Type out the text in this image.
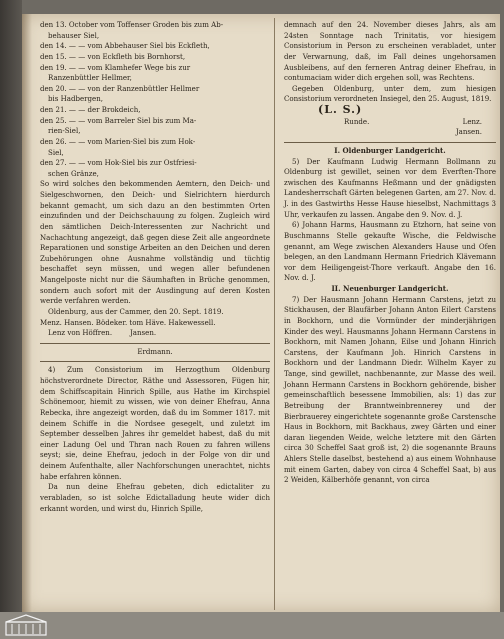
den 13. October vom Toffenser Groden bis zum Ab-

behauser Siel,

den 14. — — vom Abbehauser Siel bis Eckfleth,

den 15. — — von Eckfleth bis Bornhorst,

den 19. — — vom Klamhefer Wege bis zur

Ranzenbüttler Hellmer,

den 20. — — von der Ranzenbüttler Hellmer

bis Hadbergen,

den 21. — — der Brokdeich,

den 25. — — vom Barreler Siel bis zum Ma-

rien-Siel,

den 26. — — vom Marien-Siel bis zum Hok-

Siel,

den 27. — — vom Hok-Siel bis zur Ostfriesi-

schen Gränze,

So wird solches den bekommenden Aemtern, den Deich- und Sielgeschwornen, den Deich- und Sielrichtern hierdurch bekannt gemacht, um sich dazu an den bestimmten Orten einzufinden und der Deichschauung zu folgen. Zugleich wird den sämtlichen Deich-Interessenten zur Nachricht und Nachachtung angezeigt, daß gegen diese Zeit alle angeordnete Reparationen und sonstige Arbeiten an den Deichen und deren Zubehörungen ohne Ausnahme vollständig und tüchtig beschaffet seyn müssen, und wegen aller befundenen Mangelposte nicht nur die Säumhaften in Brüche genommen, sondern auch sofort mit der Ausdingung auf deren Kosten werde verfahren werden.

Oldenburg, aus der Cammer, den 20. Sept. 1819.

Menz. Hansen. Bödeker. tom Häve. Hakewessell.

Lenz von Höffren.        Jansen.

Erdmann.

4) Zum Consistorium im Herzogthum Oldenburg höchstverordnete Director, Räthe und Assessoren, Fügen hir, dem Schiffscapitain Hinrich Spille, aus Hathe im Kirchspiel Schönemoor, hiemit zu wissen, wie von deiner Ehefrau, Anna Rebecka, ihre angezeigt worden, daß du im Sommer 1817. mit deinem Schiffe in die Nordsee gesegelt, und zuletzt im September desselben Jahres ihr gemeldet habest, daß du mit einer Ladung Oel und Thran nach Rouen zu fahren willens seyst; sie, deine Ehefrau, jedoch in der Folge von dir und deinem Aufenthalte, aller Nachforschungen unerachtet, nichts habe erfahren können.

Da nun deine Ehefrau gebeten, dich edictaliter zu verabladen, so ist solche Edictalladung heute wider dich erkannt worden, und wirst du, Hinrich Spille,

demnach auf den 24. November dieses Jahrs, als am 24sten Sonntage nach Trinitatis, vor hiesigem Consistorium in Person zu erscheinen verabladet, unter der Verwarnung, daß, im Fall deines ungehorsamen Ausbleibens, auf den ferneren Antrag deiner Ehefrau, in contumaciam wider dich ergehen soll, was Rechtens.

Gegeben Oldenburg, unter dem, zum hiesigen Consistorium verordneten Insiegel, den 25. August, 1819.

(L. S.)

Runde.	Lenz.

Jansen.

I. Oldenburger Landgericht.

5) Der Kaufmann Ludwig Hermann Bollmann zu Oldenburg ist gewillet, seinen vor dem Everften-Thore zwischen des Kaufmanns Heßmann und der gnädigsten Landesherrschaft Gärten belegenen Garten, am 27. Nov. d. J. in des Gastwirths Hesse Hause hieselbst, Nachmittags 3 Uhr, verkaufen zu lassen. Angabe den 9. Nov. d. J.

6) Johann Harms, Hausmann zu Etzhorn, hat seine von Buschmanns Stelle gekaufte Wische, die Feldwische genannt, am Wege zwischen Alexanders Hause und Ofen belegen, an den Landmann Hermann Friedrich Klävemann vor dem Heiligengeist-Thore verkauft. Angabe den 16. Nov. d. J.

II. Neuenburger Landgericht.

7) Der Hausmann Johann Hermann Carstens, jetzt zu Stickhausen, der Blaufärber Johann Anton Eilert Carstens in Bockhorn, und die Vormünder der minderjährigen Kinder des weyl. Hausmanns Johann Hermann Carstens in Bockhorn, mit Namen Johann, Eilse und Johann Hinrich Carstens, der Kaufmann Joh. Hinrich Carstens in Bockhorn und der Landmann Diedr. Wilhelm Kayer zu Tange, sind gewillet, nachbenannte, zur Masse des weil. Johann Hermann Carstens in Bockhorn gehörende, bisher gemeinschaftlich besessene Immobilien, als: 1) das zur Betreibung der Branntweinbrennerey und der Bierbrauerey eingerichtete sogenannte große Carstensche Haus in Bockhorn, mit Backhaus, zwey Gärten und einer daran liegenden Weide, welche letztere mit den Gärten circa 30 Scheffel Saat groß ist, 2) die sogenannte Brauns Ahlers Stelle daselbst, bestehend a) aus einem Wohnhause mit einem Garten, dabey von circa 4 Scheffel Saat, b) aus 2 Weiden, Kälberhöfe genannt, von circa
